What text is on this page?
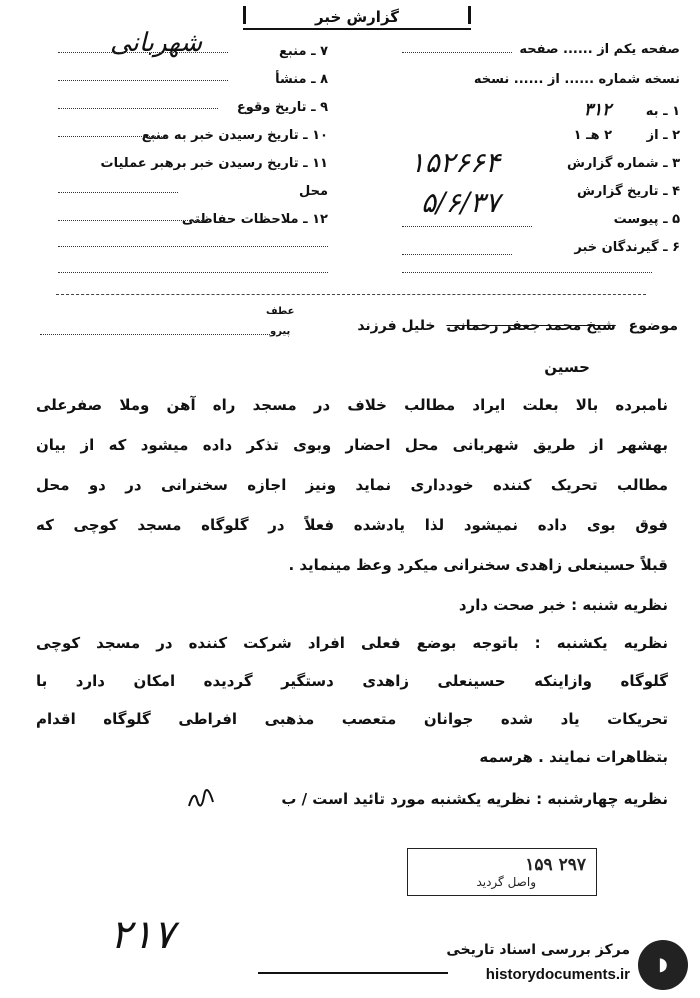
گزارش خبر
صفحه یکم از ...... صفحه
نسخه شماره ...... از ...... نسخه
۱ ـ به ۳۱۲
۲ ـ از ۲ هـ ۱
۳ ـ شماره گزارش
۱۵۲۶۶۴
۴ ـ تاریخ گزارش
۵/۶/۳۷
۵ ـ پیوست
۶ ـ گیرندگان خبر
۷ ـ منبع
شهربانی
۸ ـ منشأ
۹ ـ تاریخ وقوع
۱۰ ـ تاریخ رسیدن خبر به منبع
۱۱ ـ تاریخ رسیدن خبر برهبر عملیات
محل
۱۲ ـ ملاحظات حفاظتی
موضوع شیخ محمد جعفر رحمانی خلیل فرزند
عطف
پیرو
حسین
نامبرده بالا بعلت ایراد مطالب خلاف در مسجد راه آهن وملا صفرعلی
بهشهر از طریق شهربانی محل احضار وبوی تذکر داده میشود که از بیان
مطالب تحریک کننده خودداری نماید ونیز اجازه سخنرانی در دو محل
فوق بوی داده نمیشود لذا یادشده فعلاً در گلوگاه مسجد کوچی که
قبلاً حسینعلی زاهدی سخنرانی میکرد وعظ مینماید .
نظریه شنبه : خبر صحت دارد
نظریه یکشنبه : باتوجه بوضع فعلی افراد شرکت کننده در مسجد کوچی
گلوگاه وازاینکه حسینعلی زاهدی دستگیر گردیده امکان دارد با
تحریکات یاد شده جوانان متعصب مذهبی افراطی گلوگاه اقدام
بتظاهرات نمایند . هرسمه
نظریه چهارشنبه : نظریه یکشنبه مورد تائید است / ب
۲۹۷ ۱۵۹
واصل گردید
۲۱۷
◗
مرکز بررسی اسناد تاریخی
historydocuments.ir
